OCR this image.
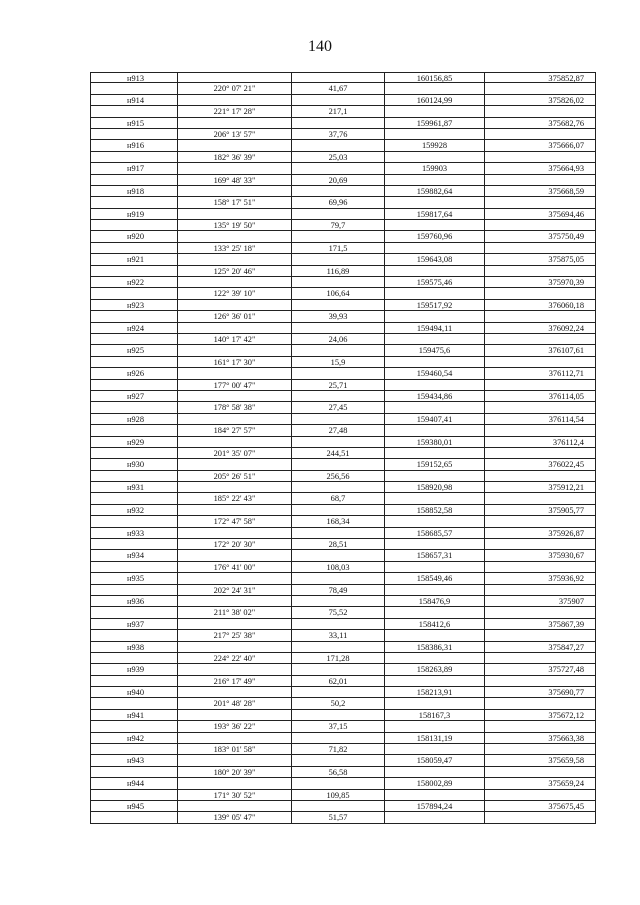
140
н913	160156,85	375852,87
220° 07' 21"	41,67
н914	160124,99	375826,02
221° 17' 28"	217,1
н915	159961,87	375682,76
206° 13' 57"	37,76
н916	159928	375666,07
182° 36' 39"	25,03
н917	159903	375664,93
169° 48' 33"	20,69
н918	159882,64	375668,59
158° 17' 51"	69,96
н919	159817,64	375694,46
135° 19' 50"	79,7
н920	159760,96	375750,49
133° 25' 18"	171,5
н921	159643,08	375875,05
125° 20' 46"	116,89
н922	159575,46	375970,39
122° 39' 10"	106,64
н923	159517,92	376060,18
126° 36' 01"	39,93
н924	159494,11	376092,24
140° 17' 42"	24,06
н925	159475,6	376107,61
161° 17' 30"	15,9
н926	159460,54	376112,71
177° 00' 47"	25,71
н927	159434,86	376114,05
178° 58' 38"	27,45
н928	159407,41	376114,54
184° 27' 57"	27,48
н929	159380,01	376112,4
201° 35' 07"	244,51
н930	159152,65	376022,45
205° 26' 51"	256,56
н931	158920,98	375912,21
185° 22' 43"	68,7
н932	158852,58	375905,77
172° 47' 58"	168,34
н933	158685,57	375926,87
172° 20' 30"	28,51
н934	158657,31	375930,67
176° 41' 00"	108,03
н935	158549,46	375936,92
202° 24' 31"	78,49
н936	158476,9	375907
211° 38' 02"	75,52
н937	158412,6	375867,39
217° 25' 38"	33,11
н938	158386,31	375847,27
224° 22' 40"	171,28
н939	158263,89	375727,48
216° 17' 49"	62,01
н940	158213,91	375690,77
201° 48' 28"	50,2
н941	158167,3	375672,12
193° 36' 22"	37,15
н942	158131,19	375663,38
183° 01' 58"	71,82
н943	158059,47	375659,58
180° 20' 39"	56,58
н944	158002,89	375659,24
171° 30' 52"	109,85
н945	157894,24	375675,45
139° 05' 47"	51,57
